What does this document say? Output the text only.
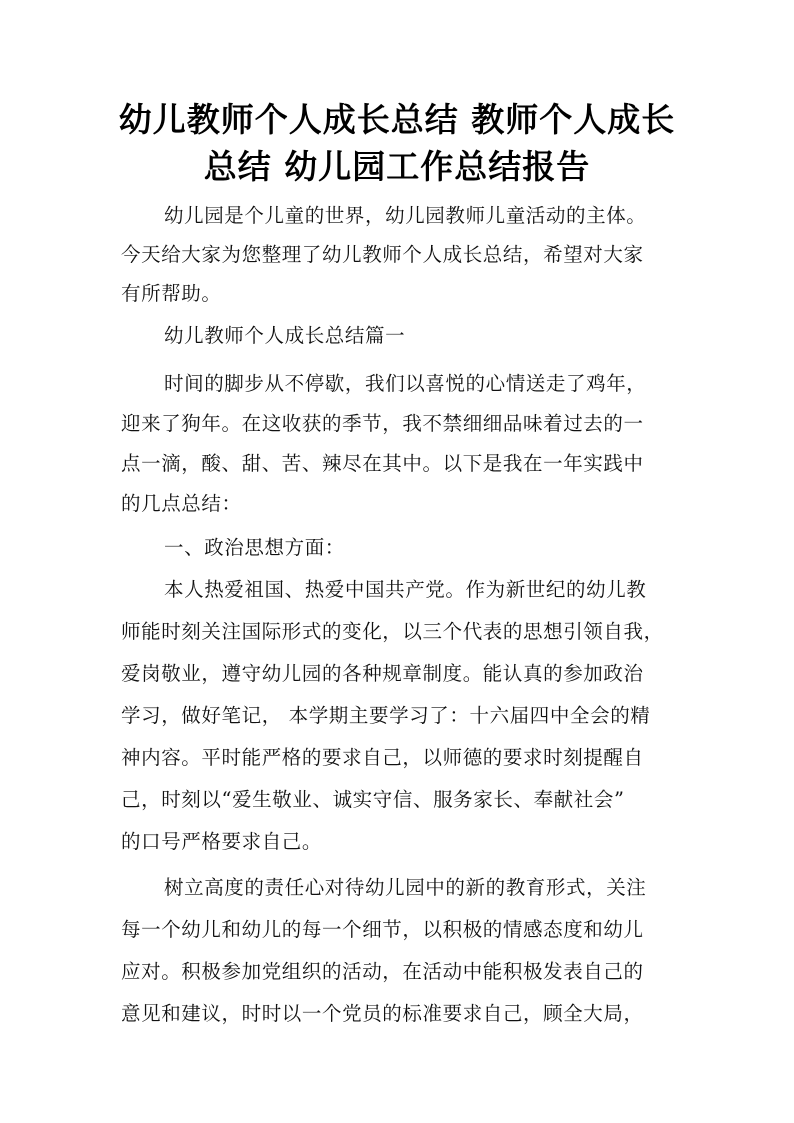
幼儿教师个人成长总结 教师个人成长
总结 幼儿园工作总结报告

幼儿园是个儿童的世界，幼儿园教师儿童活动的主体。

今天给大家为您整理了幼儿教师个人成长总结，希望对大家

有所帮助。

幼儿教师个人成长总结篇一

时间的脚步从不停歇，我们以喜悦的心情送走了鸡年，

迎来了狗年。在这收获的季节，我不禁细细品味着过去的一

点一滴，酸、甜、苦、辣尽在其中。以下是我在一年实践中

的几点总结：

一、政治思想方面：

本人热爱祖国、热爱中国共产党。作为新世纪的幼儿教

师能时刻关注国际形式的变化，以三个代表的思想引领自我，

爱岗敬业，遵守幼儿园的各种规章制度。能认真的参加政治

学习，做好笔记， 本学期主要学习了：十六届四中全会的精

神内容。平时能严格的要求自己，以师德的要求时刻提醒自

己，时刻以“爱生敬业、诚实守信、服务家长、奉献社会”

的口号严格要求自己。

树立高度的责任心对待幼儿园中的新的教育形式，关注

每一个幼儿和幼儿的每一个细节，以积极的情感态度和幼儿

应对。积极参加党组织的活动，在活动中能积极发表自己的

意见和建议，时时以一个党员的标准要求自己，顾全大局，
